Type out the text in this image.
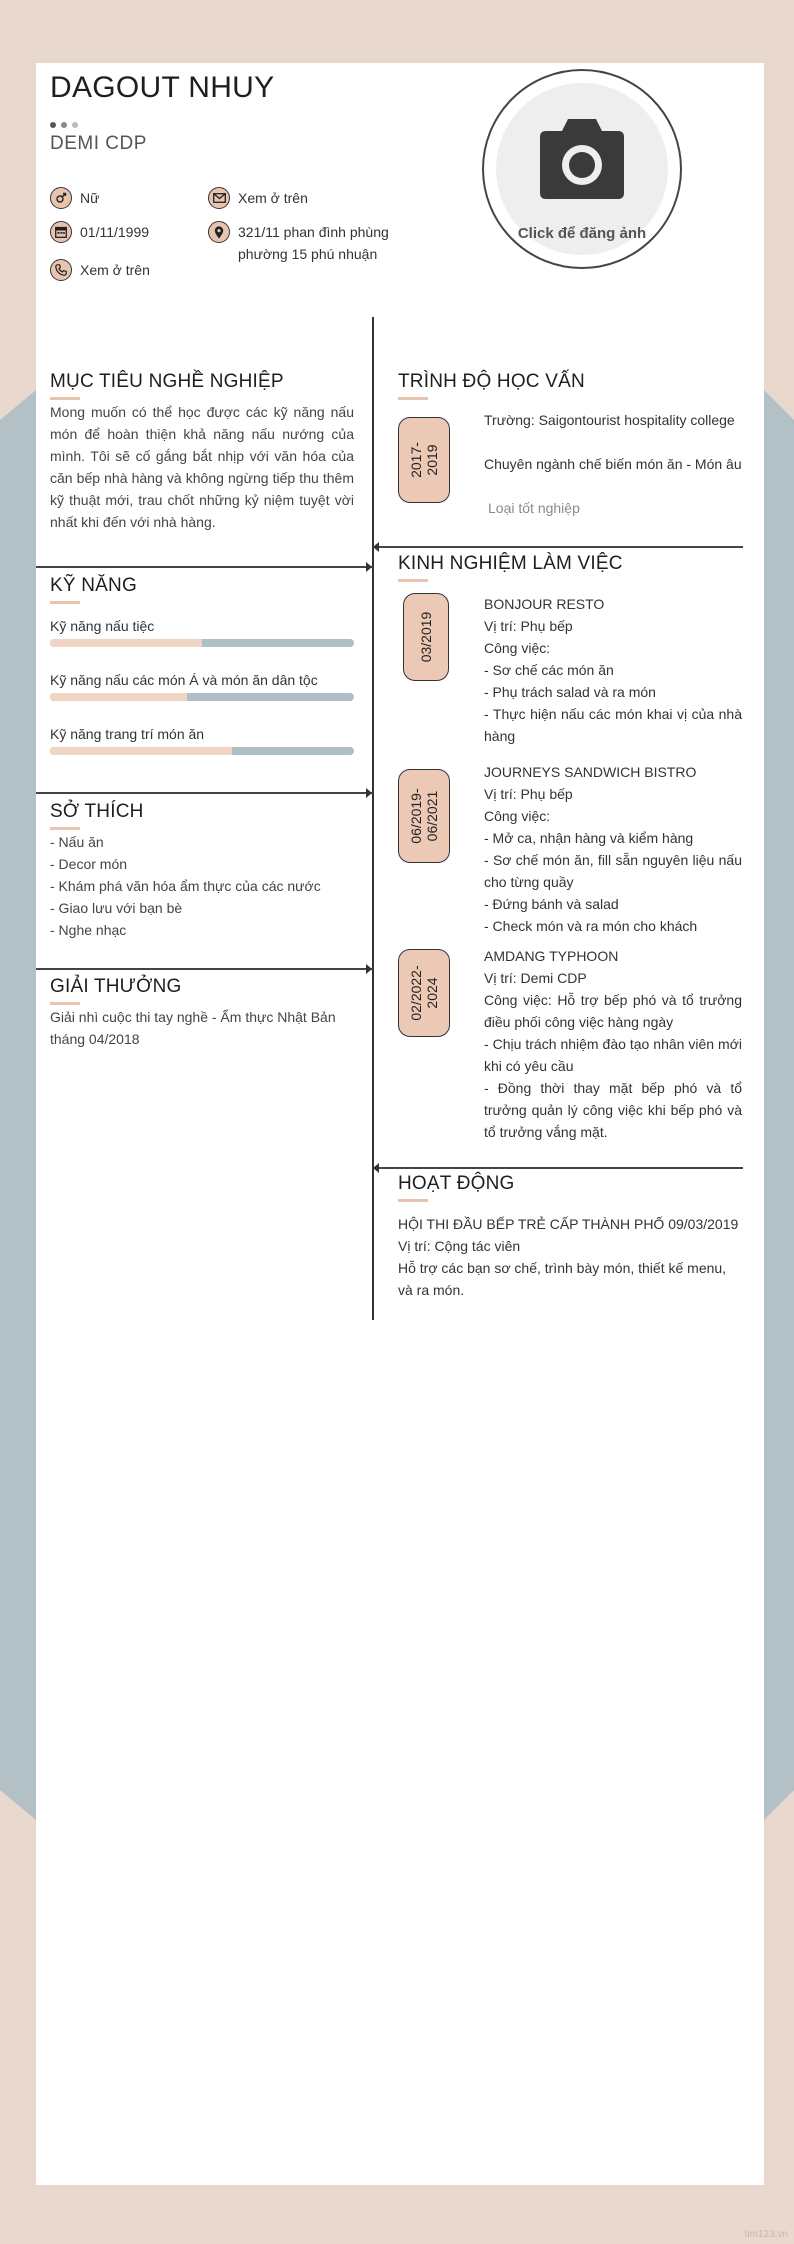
DAGOUT NHUY
DEMI CDP
Nữ	Xem ở trên
01/11/1999	321/11 phan đình phùng
phường 15 phú nhuận
Xem ở trên
Click để đăng ảnh
MỤC TIÊU NGHỀ NGHIỆP
Mong muốn có thể học được các kỹ năng nấu món để hoàn thiện khả năng nấu nướng của mình. Tôi sẽ cố gắng bắt nhịp với văn hóa của căn bếp nhà hàng và không ngừng tiếp thu thêm kỹ thuật mới, trau chốt những kỷ niệm tuyệt vời nhất khi đến với nhà hàng.
KỸ NĂNG
Kỹ năng nấu tiệc
Kỹ năng nấu các món Á và món ăn dân tộc
Kỹ năng trang trí món ăn
SỞ THÍCH
- Nấu ăn
- Decor món
- Khám phá văn hóa ẩm thực của các nước
- Giao lưu với bạn bè
- Nghe nhạc
GIẢI THƯỞNG
Giải nhì cuộc thi tay nghề - Ẩm thực Nhật Bản tháng 04/2018
TRÌNH ĐỘ HỌC VẤN
2017-
2019
Trường: Saigontourist hospitality college
Chuyên ngành chế biến món ăn - Món âu
Loại tốt nghiệp
KINH NGHIỆM LÀM VIỆC
03/2019
BONJOUR RESTO
Vị trí: Phụ bếp
Công việc:
- Sơ chế các món ăn
- Phụ trách salad và ra món
- Thực hiện nấu các món khai vị của nhà hàng
06/2019-
06/2021
JOURNEYS SANDWICH BISTRO
Vị trí: Phụ bếp
Công việc:
- Mở ca, nhận hàng và kiểm hàng
- Sơ chế món ăn, fill sẵn nguyên liệu nấu cho từng quầy
- Đứng bánh và salad
- Check món và ra món cho khách
02/2022-
2024
AMDANG TYPHOON
Vị trí: Demi CDP
Công việc: Hỗ trợ bếp phó và tổ trưởng điều phối công việc hàng ngày
- Chịu trách nhiệm đào tạo nhân viên mới khi có yêu cầu
- Đồng thời thay mặt bếp phó và tổ trưởng quản lý công việc khi bếp phó và tổ trưởng vắng mặt.
HOẠT ĐỘNG
HỘI THI ĐẦU BẾP TRẺ CẤP THÀNH PHỐ 09/03/2019
Vị trí: Cộng tác viên
Hỗ trợ các bạn sơ chế, trình bày món, thiết kế menu, và ra món.
tim123.vn
